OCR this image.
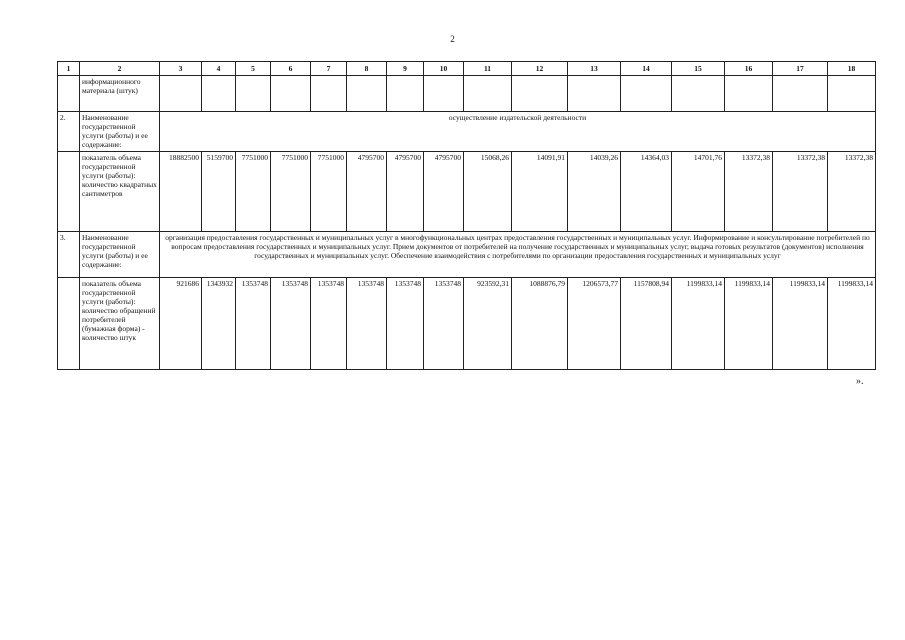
2
1	2	3	4	5	6	7	8	9	10	11	12	13	14	15	16	17	18
	информационного материала (штук)																
2.	Наименование государственной услуги (работы) и ее содержание:	осуществление издательской деятельности															
	показатель объема государственной услуги (работы): количество квадратных сантиметров	18882500	5159700	7751000	7751000	7751000	4795700	4795700	4795700	15068,26	14091,91	14039,26	14364,03	14701,76	13372,38	13372,38	13372,38
3.	Наименование государственной услуги (работы) и ее содержание:	организация предоставления государственных и муниципальных услуг в многофункциональных центрах предоставления государственных и муниципальных услуг. Информирование и консультирование потребителей по вопросам предоставления государственных и муниципальных услуг. Прием документов от потребителей на получение государственных и муниципальных услуг, выдача готовых результатов (документов) исполнения государственных и муниципальных услуг. Обеспечение взаимодействия с потребителями по организации предоставления государственных и муниципальных услуг															
	показатель объема государственной услуги (работы): количество обращений потребителей (бумажная форма) - количество штук	921686	1343932	1353748	1353748	1353748	1353748	1353748	1353748	923592,31	1088876,79	1206573,77	1157808,94	1199833,14	1199833,14	1199833,14	1199833,14
».
